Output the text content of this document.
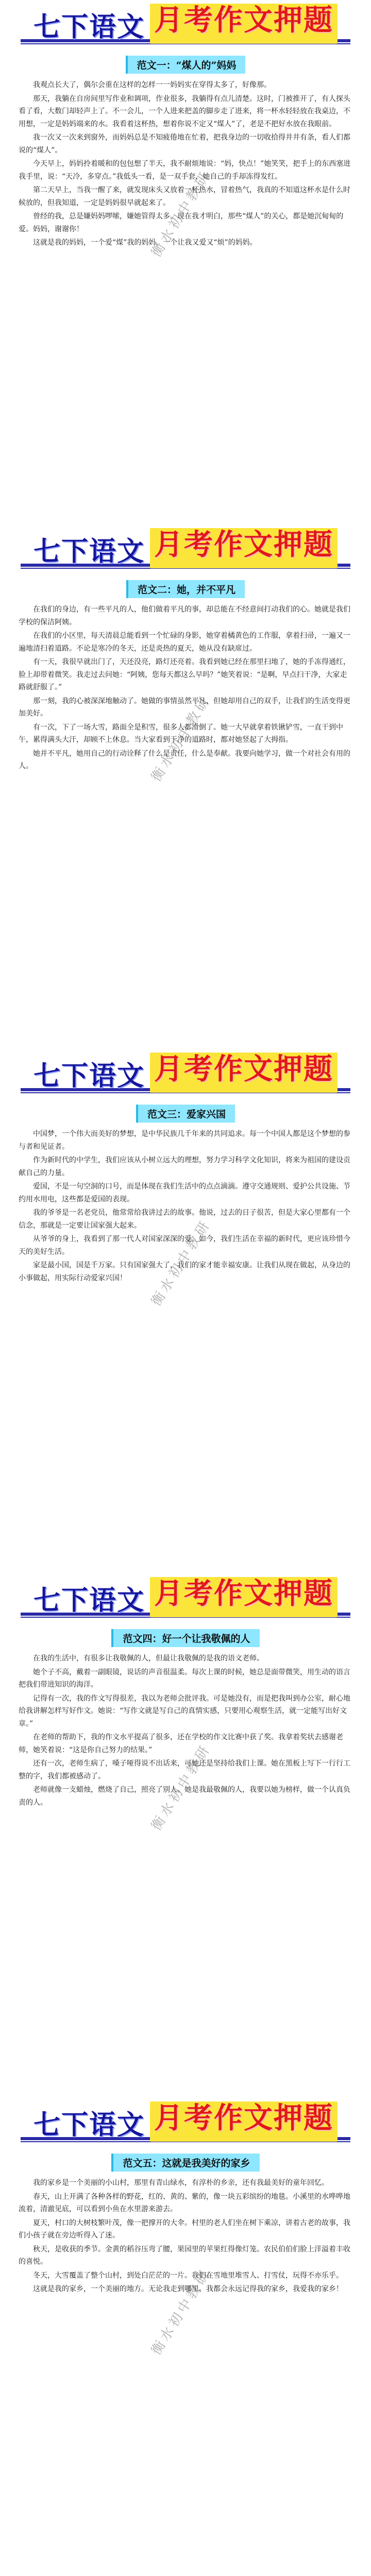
七下语文 月考作文押题
范文一：“煤人的”妈妈
衡水初中教研

我观点长大了，偶尔会重在这样的怎样一一妈妈实在穿得太多了，好像那。

那天，我躺在自房间里写作业和调项，作业很多，我躺得有点儿清楚。这时，门被推开了，有人探头看了看，大数门却轻声上了。不一会儿，一个人进来把盖的脚步走了进来，将一杯水轻轻放在我桌边，不用想，一定是妈妈端来的水。我看着这杯热，想着你说不定又“煤人”了，老是不把好水放在我眼前。

我一次又一次来到窗外，而妈妈总是不知疲倦地在忙着，把我身边的一切收拾得井井有条，看人们都说的“煤人”。

今天早上，妈妈拎着暖和的包包想了半天，我不耐烦地说：“妈，快点！”她笑笑，把手上的东西塞进我手里，说：“天冷，多穿点。”我低头一看，是一双手套，她自己的手却冻得发红。

第二天早上，当我一醒了来，就发现床头又放着一杯热水，冒着热气，我真的不知道这杯水是什么时候放的，但我知道，一定是妈妈很早就起来了。

曾经的我，总是嫌妈妈啰嗦，嫌她管得太多。现在我才明白，那些“煤人”的关心，都是她沉甸甸的爱。妈妈，谢谢你！

这就是我的妈妈，一个爱“煤”我的妈妈，一个让我又爱又“烦”的妈妈。

七下语文 月考作文押题
范文二：她，并不平凡
衡水初中教研

在我们的身边，有一些平凡的人，他们做着平凡的事，却总能在不经意间打动我们的心。她就是我们学校的保洁阿姨。

在我们的小区里，每天清晨总能看到一个忙碌的身影，她穿着橘黄色的工作服，拿着扫帚，一遍又一遍地清扫着道路。不论是寒冷的冬天，还是炎热的夏天，她从没有缺席过。

有一天，我很早就出门了，天还没亮，路灯还亮着。我看到她已经在那里扫地了，她的手冻得通红，脸上却带着微笑。我走过去问她：“阿姨，您每天都这么早吗？”她笑着说：“是啊，早点扫干净，大家走路就舒服了。”

那一刻，我的心被深深地触动了。她做的事情虽然平凡，但她却用自己的双手，让我们的生活变得更加美好。

有一次，下了一场大雪，路面全是积雪，很多人都滑倒了。她一大早就拿着铁锹铲雪，一直干到中午，累得满头大汗，却顾不上休息。当大家看到干净的道路时，都对她竖起了大拇指。

她并不平凡，她用自己的行动诠释了什么是责任，什么是奉献。我要向她学习，做一个对社会有用的人。

七下语文 月考作文押题
范文三：爱家兴国
衡水初中教研

中国梦，一个伟大而美好的梦想，是中华民族几千年来的共同追求。每一个中国人都是这个梦想的参与者和见证者。

作为新时代的中学生，我们应该从小树立远大的理想，努力学习科学文化知识，将来为祖国的建设贡献自己的力量。

爱国，不是一句空洞的口号，而是体现在我们生活中的点点滴滴。遵守交通规则、爱护公共设施、节约用水用电，这些都是爱国的表现。

我的爷爷是一名老党员，他常常给我讲过去的故事。他说，过去的日子很苦，但是大家心里都有一个信念，那就是一定要让国家强大起来。

从爷爷的身上，我看到了那一代人对国家深深的爱。如今，我们生活在幸福的新时代，更应该珍惜今天的美好生活。

家是最小国，国是千万家。只有国家强大了，我们的家才能幸福安康。让我们从现在做起，从身边的小事做起，用实际行动爱家兴国！

七下语文 月考作文押题
范文四：好一个让我敬佩的人
衡水初中教研

在我的生活中，有很多让我敬佩的人，但最让我敬佩的是我的语文老师。

她个子不高，戴着一副眼镜，说话的声音很温柔。每次上课的时候，她总是面带微笑，用生动的语言把我们带进知识的海洋。

记得有一次，我的作文写得很差，我以为老师会批评我。可是她没有，而是把我叫到办公室，耐心地给我讲解怎样写好作文。她说：“写作文就是写自己的真情实感，只要用心观察生活，就一定能写出好文章。”

在老师的帮助下，我的作文水平提高了很多，还在学校的作文比赛中获了奖。我拿着奖状去感谢老师，她笑着说：“这是你自己努力的结果。”

还有一次，老师生病了，嗓子哑得说不出话来，可她还是坚持给我们上课。她在黑板上写下一行行工整的字，我们都被感动了。

老师就像一支蜡烛，燃烧了自己，照亮了别人。她是我最敬佩的人，我要以她为榜样，做一个认真负责的人。

七下语文 月考作文押题
范文五：这就是我美好的家乡
衡水初中教研

我的家乡是一个美丽的小山村，那里有青山绿水，有淳朴的乡亲，还有我最美好的童年回忆。

春天，山上开满了各种各样的野花，红的、黄的、紫的，像一块五彩缤纷的地毯。小溪里的水哗哗地流着，清澈见底，可以看到小鱼在水里游来游去。

夏天，村口的大树枝繁叶茂，像一把撑开的大伞。村里的老人们坐在树下乘凉，讲着古老的故事，我们小孩子就在旁边听得入了迷。

秋天，是收获的季节。金黄的稻谷压弯了腰，果园里的苹果红得像灯笼。农民伯伯们脸上洋溢着丰收的喜悦。

冬天，大雪覆盖了整个山村，到处白茫茫的一片。我们在雪地里堆雪人、打雪仗，玩得不亦乐乎。

这就是我的家乡，一个美丽的地方。无论我走到哪里，我都会永远记得我的家乡，我爱我的家乡！
